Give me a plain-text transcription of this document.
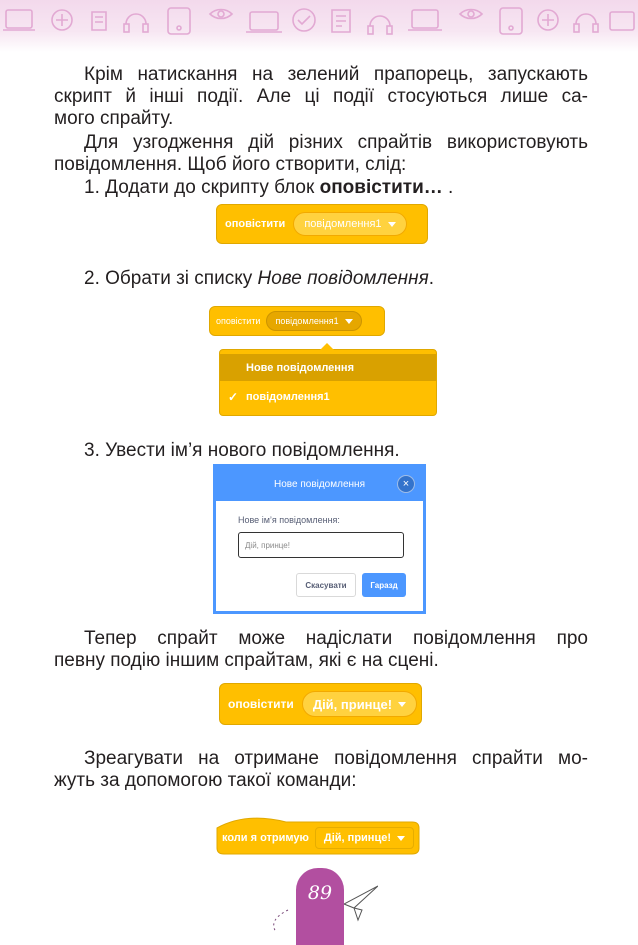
Крім натискання на зелений прапорець, запускають

скрипт й інші події. Але ці події стосуються лише са-

мого спрайту.

Для узгодження дій різних спрайтів використовують

повідомлення. Щоб його створити, слід:

1. Додати до скрипту блок оповістити… .

оповістити повідомлення1

2. Обрати зі списку Нове повідомлення.

оповістити повідомлення1
Нове повідомлення
✓ повідомлення1

3. Увести ім’я нового повідомлення.

Нове повідомлення	×
Нове ім’я повідомлення:
Дій, принце!
Скасувати	Гаразд

Тепер спрайт може надіслати повідомлення про

певну подію іншим спрайтам, які є на сцені.

оповістити Дій, принце!

Зреагувати на отримане повідомлення спрайти мо-

жуть за допомогою такої команди:

коли я отримую Дій, принце!
89
